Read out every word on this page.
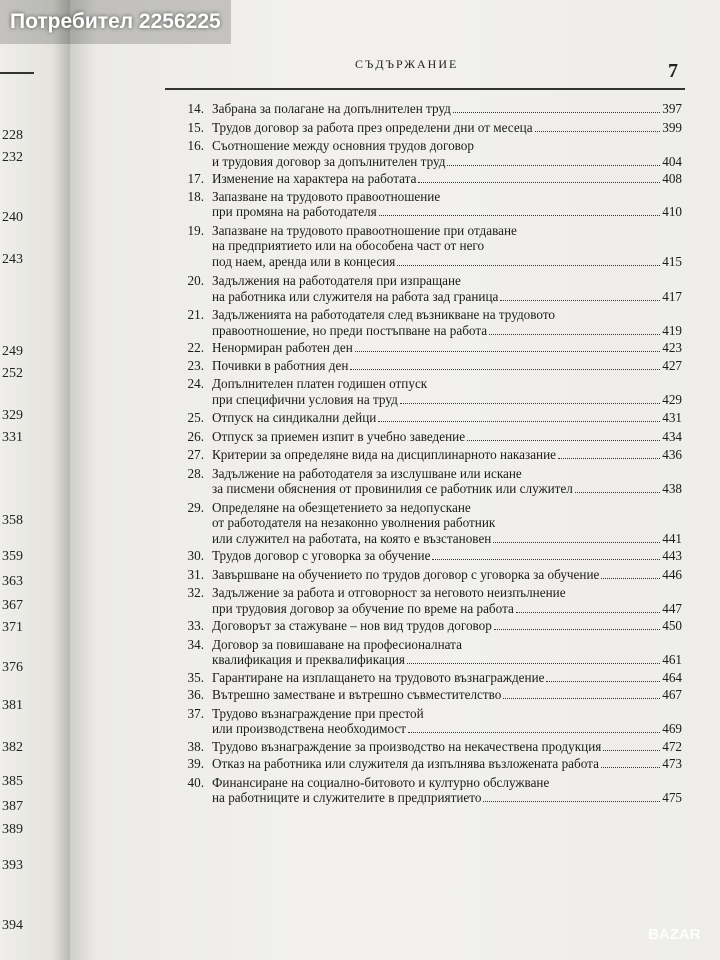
228
232
240
243
249
252
329
331
358
359
363
367
371
376
381
382
385
387
389
393
394
СЪДЪРЖАНИЕ	7
14. Забрана за полагане на допълнителен труд	397
15. Трудов договор за работа през определени дни от месеца	399
16. Съотношение между основния трудов договор
и трудовия договор за допълнителен труд	404
17. Изменение на характера на работата	408
18. Запазване на трудовото правоотношение
при промяна на работодателя	410
19. Запазване на трудовото правоотношение при отдаване
на предприятието или на обособена част от него
под наем, аренда или в концесия	415
20. Задължения на работодателя при изпращане
на работника или служителя на работа зад граница	417
21. Задълженията на работодателя след възникване на трудовото
правоотношение, но преди постъпване на работа	419
22. Ненормиран работен ден	423
23. Почивки в работния ден	427
24. Допълнителен платен годишен отпуск
при специфични условия на труд	429
25. Отпуск на синдикални дейци	431
26. Отпуск за приемен изпит в учебно заведение	434
27. Критерии за определяне вида на дисциплинарното наказание	436
28. Задължение на работодателя за изслушване или искане
за писмени обяснения от провинилия се работник или служител	438
29. Определяне на обезщетението за недопускане
от работодателя на незаконно уволнения работник
или служител на работата, на която е възстановен	441
30. Трудов договор с уговорка за обучение	443
31. Завършване на обучението по трудов договор с уговорка за обучение	446
32. Задължение за работа и отговорност за неговото неизпълнение
при трудовия договор за обучение по време на работа	447
33. Договорът за стажуване – нов вид трудов договор	450
34. Договор за повишаване на професионалната
квалификация и преквалификация	461
35. Гарантиране на изплащането на трудовото възнаграждение	464
36. Вътрешно заместване и вътрешно съвместителство	467
37. Трудово възнаграждение при престой
или производствена необходимост	469
38. Трудово възнаграждение за производство на некачествена продукция	472
39. Отказ на работника или служителя да изпълнява възложената работа	473
40. Финансиране на социално-битовото и културно обслужване
на работниците и служителите в предприятието	475
Потребител 2256225
BAZAR
